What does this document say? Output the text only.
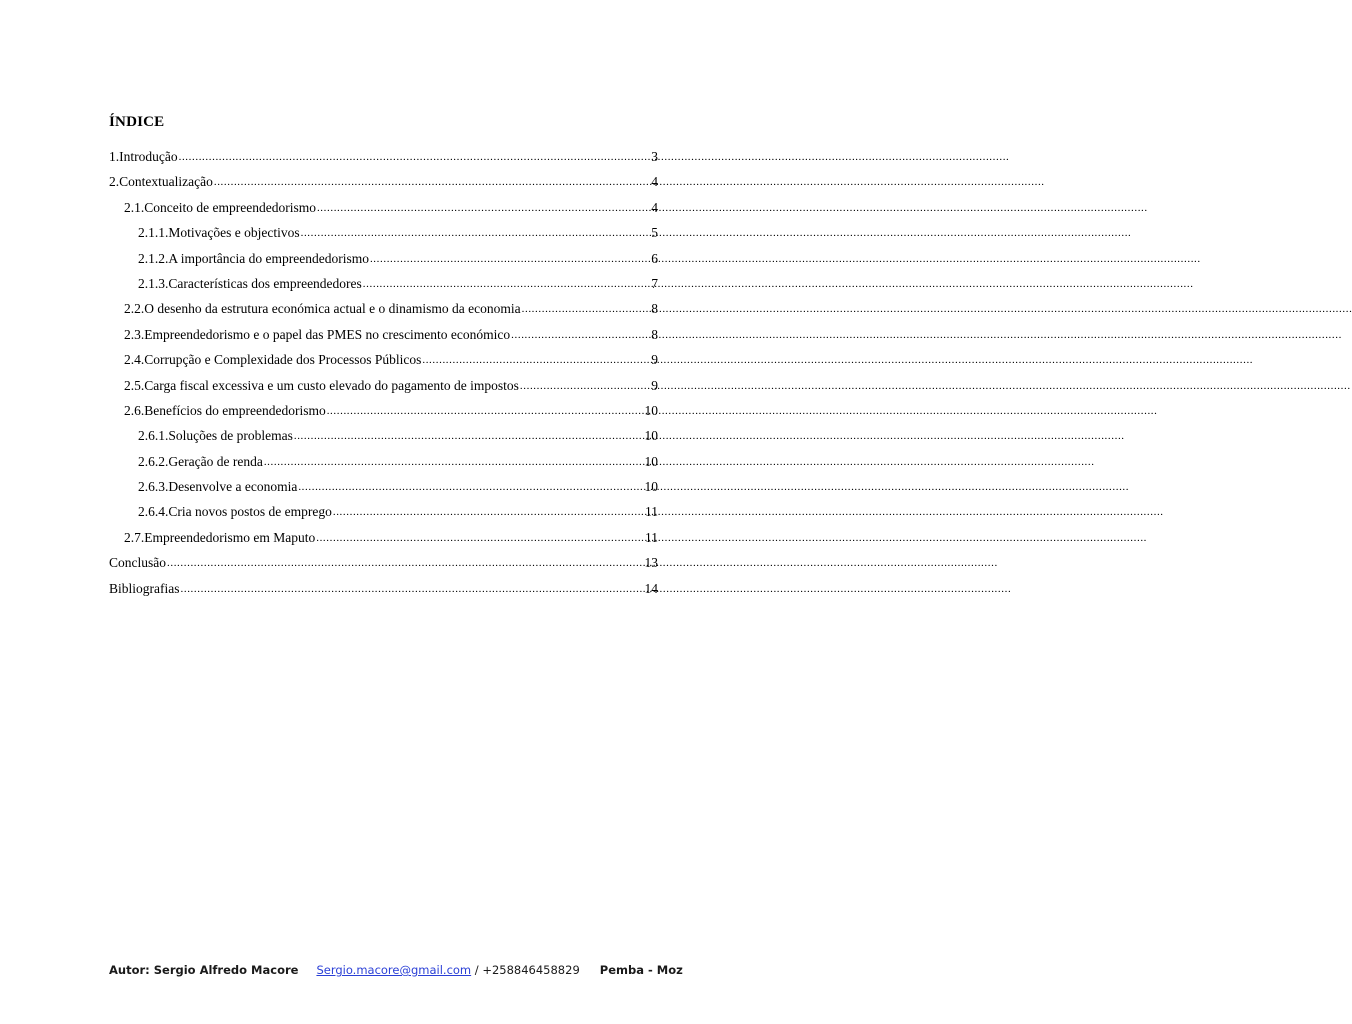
ÍNDICE
1.Introdução .....	3
2.Contextualização .....	4
2.1.Conceito de empreendedorismo .....	4
2.1.1.Motivações e objectivos .....	5
2.1.2.A importância do empreendedorismo .....	6
2.1.3.Características dos empreendedores .....	7
2.2.O desenho da estrutura económica actual e o dinamismo da economia .....	8
2.3.Empreendedorismo e o papel das PMES no crescimento económico .....	8
2.4.Corrupção e Complexidade dos Processos Públicos .....	9
2.5.Carga fiscal excessiva e um custo elevado do pagamento de impostos .....	9
2.6.Benefícios do empreendedorismo .....	10
2.6.1.Soluções de problemas .....	10
2.6.2.Geração de renda .....	10
2.6.3.Desenvolve a economia .....	10
2.6.4.Cria novos postos de emprego .....	11
2.7.Empreendedorismo em Maputo .....	11
Conclusão .....	13
Bibliografias .....	14
Autor: Sergio Alfredo Macore Sergio.macore@gmail.com / +258846458829 Pemba - Moz
